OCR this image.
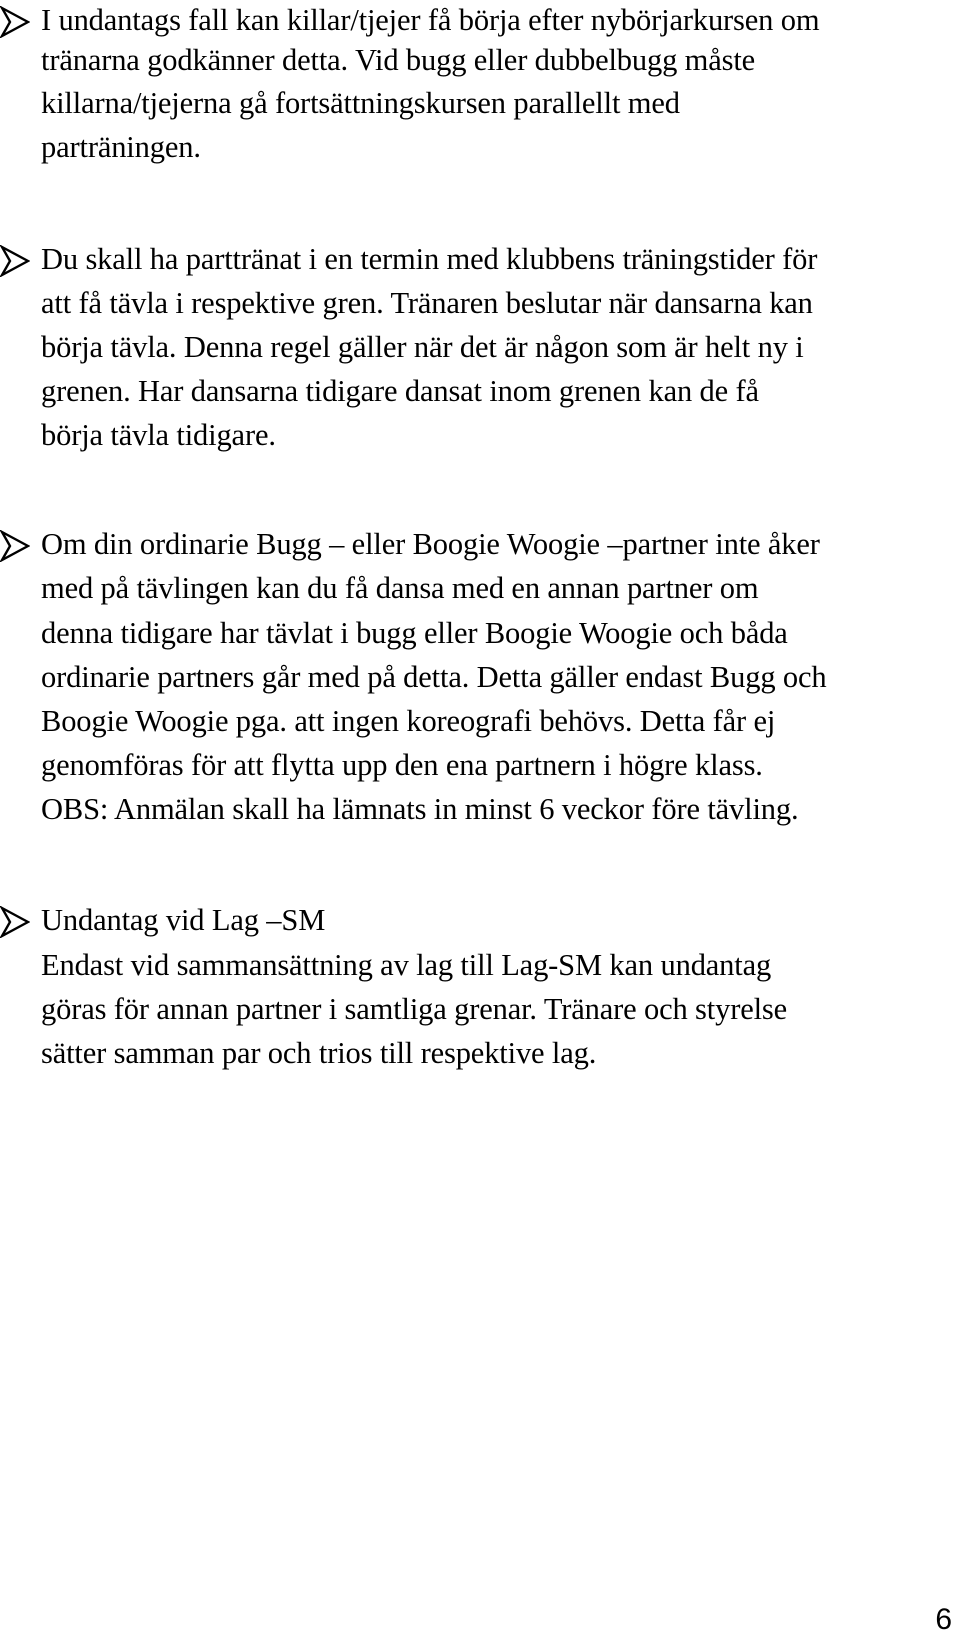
I undantags fall kan killar/tjejer få börja efter nybörjarkursen om
tränarna godkänner detta. Vid bugg eller dubbelbugg måste
killarna/tjejerna gå fortsättningskursen parallellt med
parträningen.
Du skall ha parttränat i en termin med klubbens träningstider för
att få tävla i respektive gren. Tränaren beslutar när dansarna kan
börja tävla. Denna regel gäller när det är någon som är helt ny i
grenen. Har dansarna tidigare dansat inom grenen kan de få
börja tävla tidigare.
Om din ordinarie Bugg – eller Boogie Woogie –partner inte åker
med på tävlingen kan du få dansa med en annan partner om
denna tidigare har tävlat i bugg eller Boogie Woogie och båda
ordinarie partners går med på detta. Detta gäller endast Bugg och
Boogie Woogie pga. att ingen koreografi behövs. Detta får ej
genomföras för att flytta upp den ena partnern i högre klass.
OBS: Anmälan skall ha lämnats in minst 6 veckor före tävling.
Undantag vid Lag –SM
Endast vid sammansättning av lag till Lag-SM kan undantag
göras för annan partner i samtliga grenar. Tränare och styrelse
sätter samman par och trios till respektive lag.
6
